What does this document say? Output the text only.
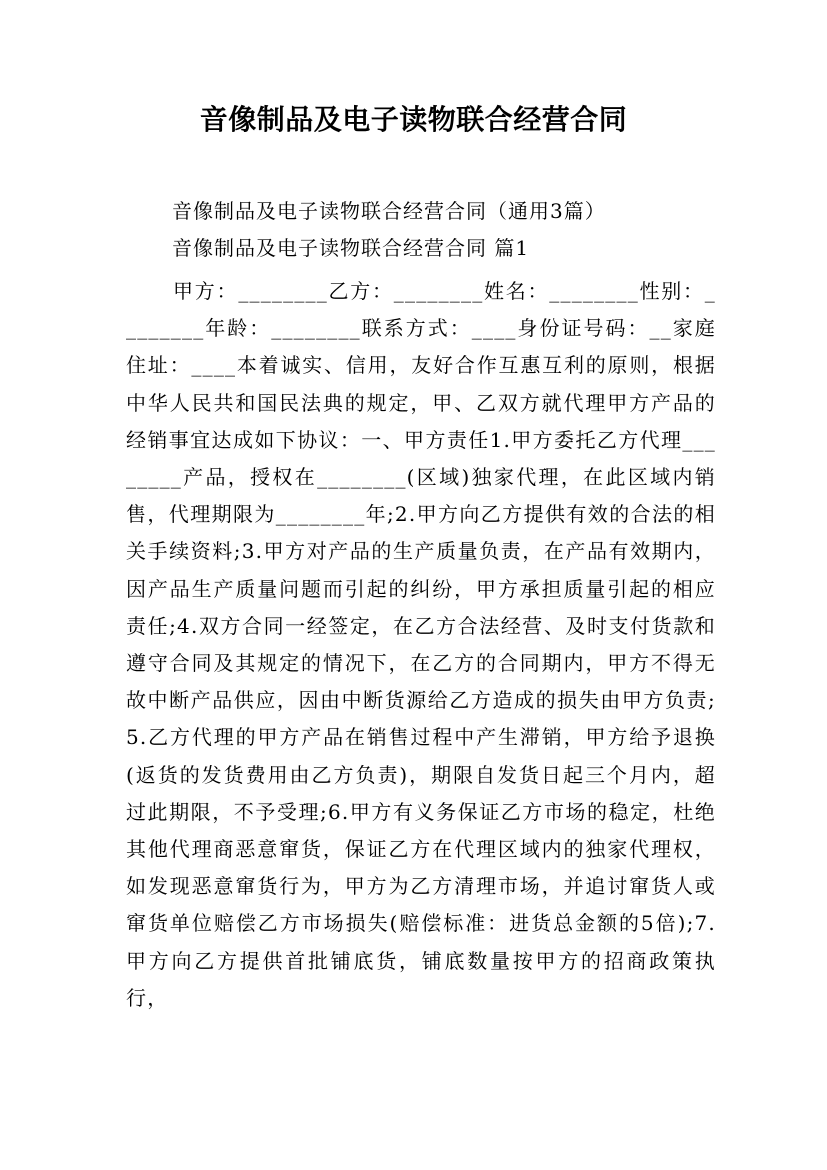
音像制品及电子读物联合经营合同
音像制品及电子读物联合经营合同（通用3篇）
音像制品及电子读物联合经营合同 篇1
甲方：________乙方：________姓名：________性别：________年龄：________联系方式：____身份证号码：__家庭住址：____本着诚实、信用，友好合作互惠互利的原则，根据中华人民共和国民法典的规定，甲、乙双方就代理甲方产品的经销事宜达成如下协议：一、甲方责任1.甲方委托乙方代理________产品，授权在________(区域)独家代理，在此区域内销售，代理期限为________年;2.甲方向乙方提供有效的合法的相关手续资料;3.甲方对产品的生产质量负责，在产品有效期内，因产品生产质量问题而引起的纠纷，甲方承担质量引起的相应责任;4.双方合同一经签定，在乙方合法经营、及时支付货款和遵守合同及其规定的情况下，在乙方的合同期内，甲方不得无故中断产品供应，因由中断货源给乙方造成的损失由甲方负责;5.乙方代理的甲方产品在销售过程中产生滞销，甲方给予退换(返货的发货费用由乙方负责)，期限自发货日起三个月内，超过此期限，不予受理;6.甲方有义务保证乙方市场的稳定，杜绝其他代理商恶意窜货，保证乙方在代理区域内的独家代理权，如发现恶意窜货行为，甲方为乙方清理市场，并追讨窜货人或窜货单位赔偿乙方市场损失(赔偿标准：进货总金额的5倍);7.甲方向乙方提供首批铺底货，铺底数量按甲方的招商政策执行，
